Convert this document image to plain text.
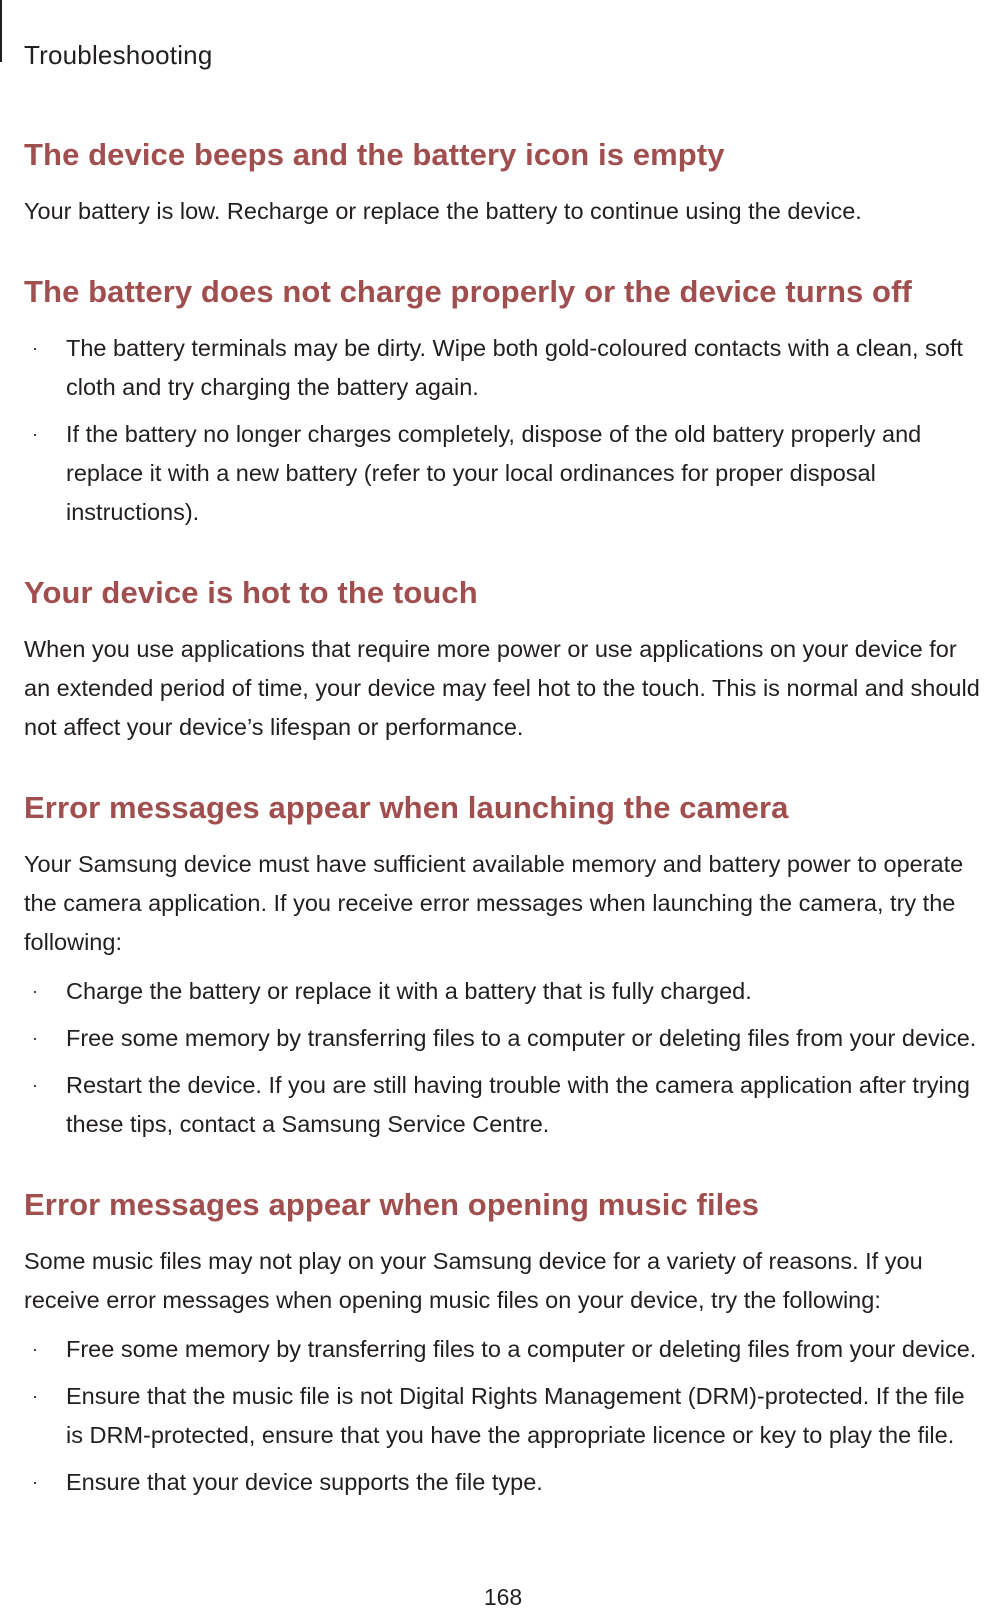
Troubleshooting
The device beeps and the battery icon is empty

Your battery is low. Recharge or replace the battery to continue using the device.

The battery does not charge properly or the device turns off
· The battery terminals may be dirty. Wipe both gold-coloured contacts with a clean, soft cloth and try charging the battery again.
· If the battery no longer charges completely, dispose of the old battery properly and replace it with a new battery (refer to your local ordinances for proper disposal instructions).
Your device is hot to the touch

When you use applications that require more power or use applications on your device for an extended period of time, your device may feel hot to the touch. This is normal and should not affect your device’s lifespan or performance.

Error messages appear when launching the camera

Your Samsung device must have sufficient available memory and battery power to operate the camera application. If you receive error messages when launching the camera, try the following:

· Charge the battery or replace it with a battery that is fully charged.
· Free some memory by transferring files to a computer or deleting files from your device.
· Restart the device. If you are still having trouble with the camera application after trying these tips, contact a Samsung Service Centre.
Error messages appear when opening music files

Some music files may not play on your Samsung device for a variety of reasons. If you receive error messages when opening music files on your device, try the following:

· Free some memory by transferring files to a computer or deleting files from your device.
· Ensure that the music file is not Digital Rights Management (DRM)-protected. If the file is DRM-protected, ensure that you have the appropriate licence or key to play the file.
· Ensure that your device supports the file type.
168
